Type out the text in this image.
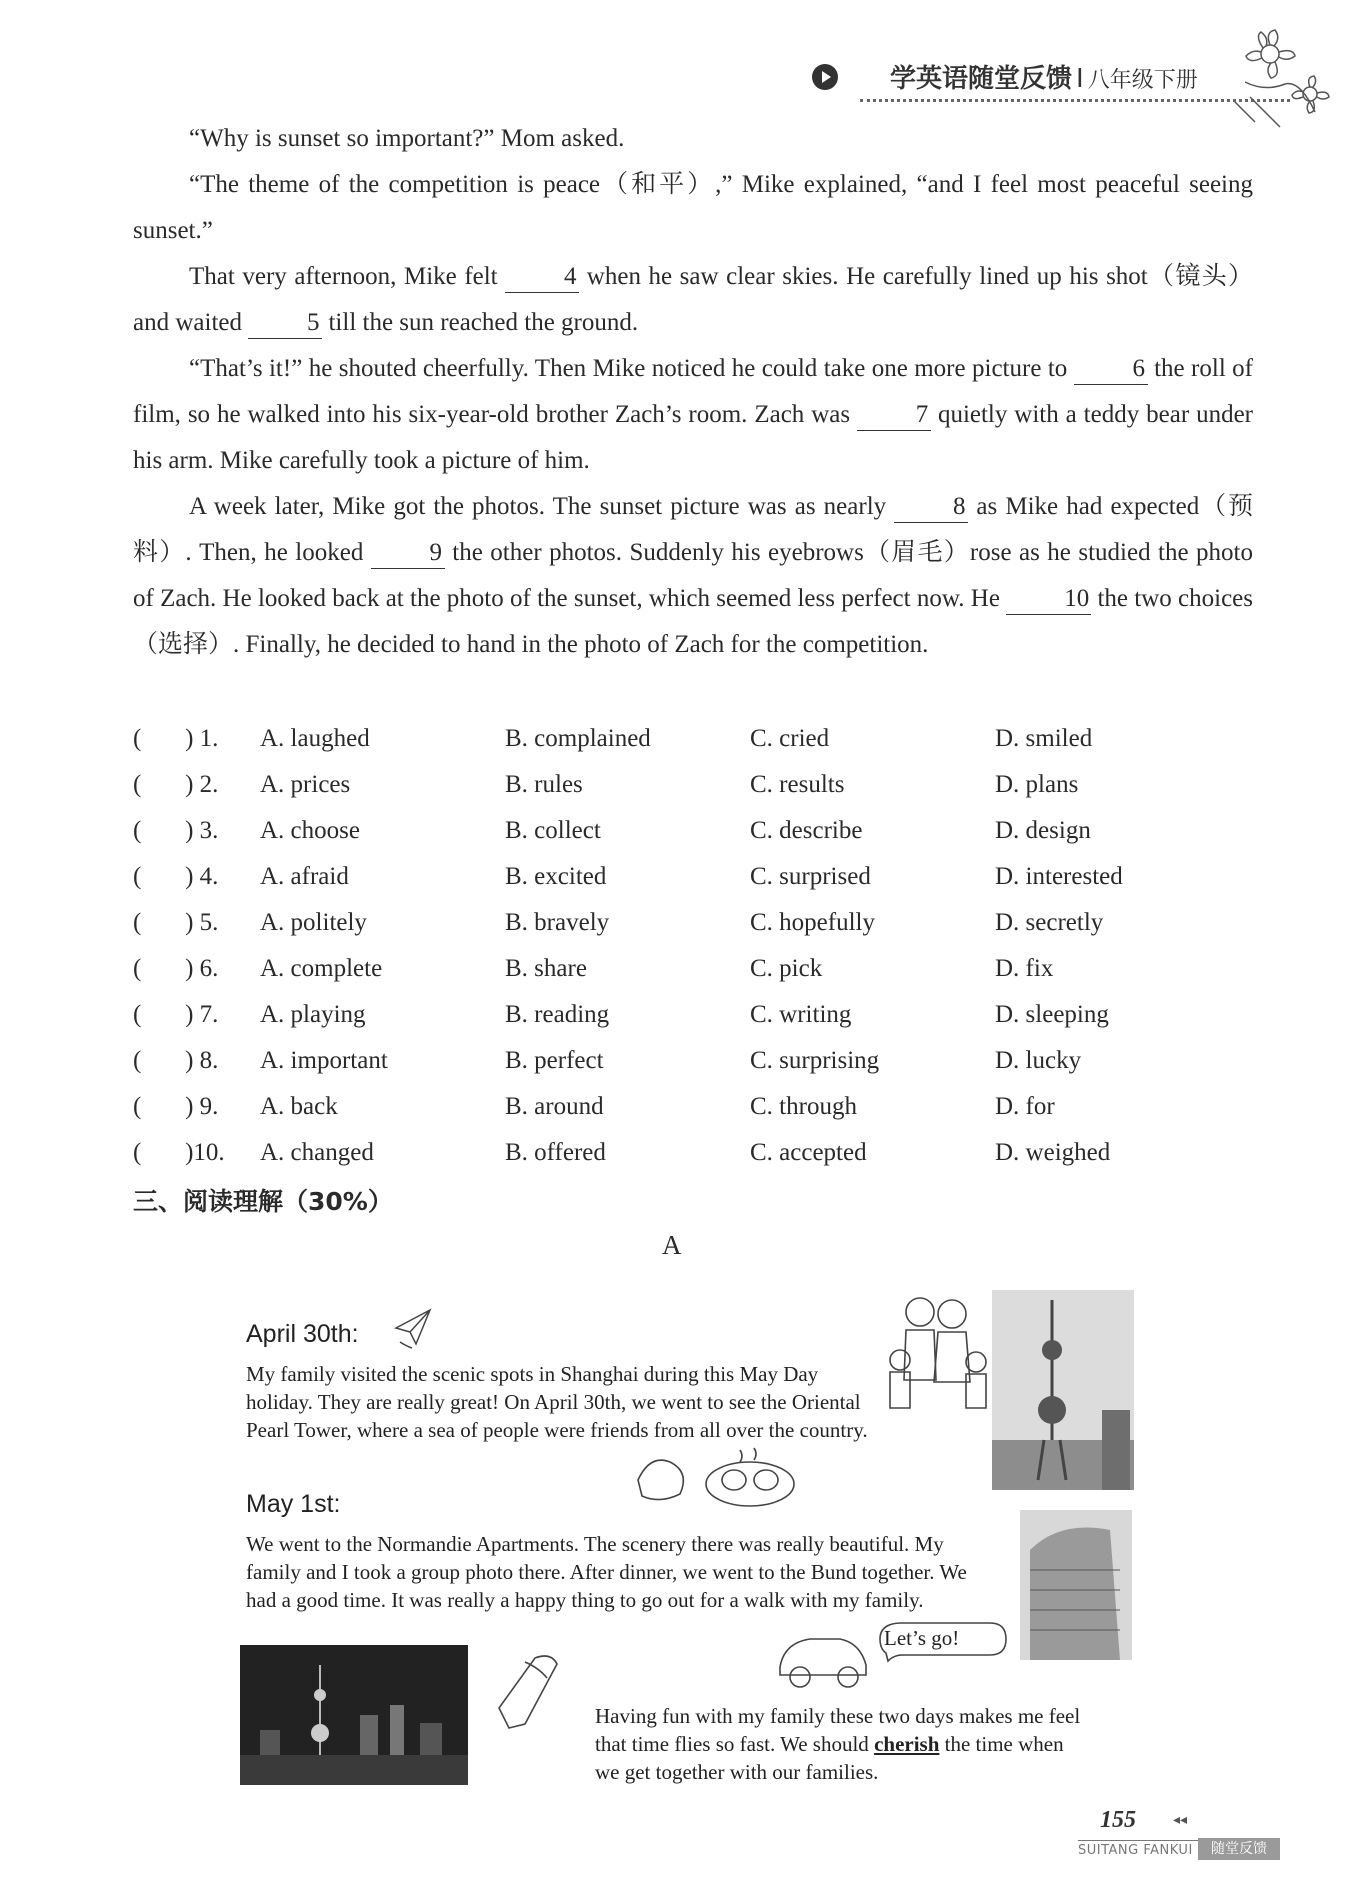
学英语随堂反馈 I 八年级下册

“Why is sunset so important?” Mom asked.

“The theme of the competition is peace（和平）,” Mike explained, “and I feel most peaceful seeing sunset.”

That very afternoon, Mike felt	4 when he saw clear skies. He carefully lined up his shot（镜头）and waited	5 till the sun reached the ground.

“That’s it!” he shouted cheerfully. Then Mike noticed he could take one more picture to	6 the roll of film, so he walked into his six-year-old brother Zach’s room. Zach was	7 quietly with a teddy bear under his arm. Mike carefully took a picture of him.

A week later, Mike got the photos. The sunset picture was as nearly	8 as Mike had expected（预料）. Then, he looked	9 the other photos. Suddenly his eyebrows（眉毛）rose as he studied the photo of Zach. He looked back at the photo of the sunset, which seemed less perfect now. He	10 the two choices（选择）. Finally, he decided to hand in the photo of Zach for the competition.

(       ) 1. A. laughed	B. complained	C. cried	D. smiled
(       ) 2. A. prices	B. rules	C. results	D. plans
(       ) 3. A. choose	B. collect	C. describe	D. design
(       ) 4. A. afraid	B. excited	C. surprised	D. interested
(       ) 5. A. politely	B. bravely	C. hopefully	D. secretly
(       ) 6. A. complete	B. share	C. pick	D. fix
(       ) 7. A. playing	B. reading	C. writing	D. sleeping
(       ) 8. A. important	B. perfect	C. surprising	D. lucky
(       ) 9. A. back	B. around	C. through	D. for
(       )10. A. changed	B. offered	C. accepted	D. weighed
三、阅读理解（30%）
A
April 30th:
My family visited the scenic spots in Shanghai during this May Day holiday. They are really great! On April 30th, we went to see the Oriental Pearl Tower, where a sea of people were friends from all over the country.
May 1st:
We went to the Normandie Apartments. The scenery there was really beautiful. My family and I took a group photo there. After dinner, we went to the Bund together. We had a good time. It was really a happy thing to go out for a walk with my family.
Let’s go!
Having fun with my family these two days makes me feel that time flies so fast. We should cherish the time when we get together with our families.
155	◂◂
SUITANG FANKUI	随堂反馈
